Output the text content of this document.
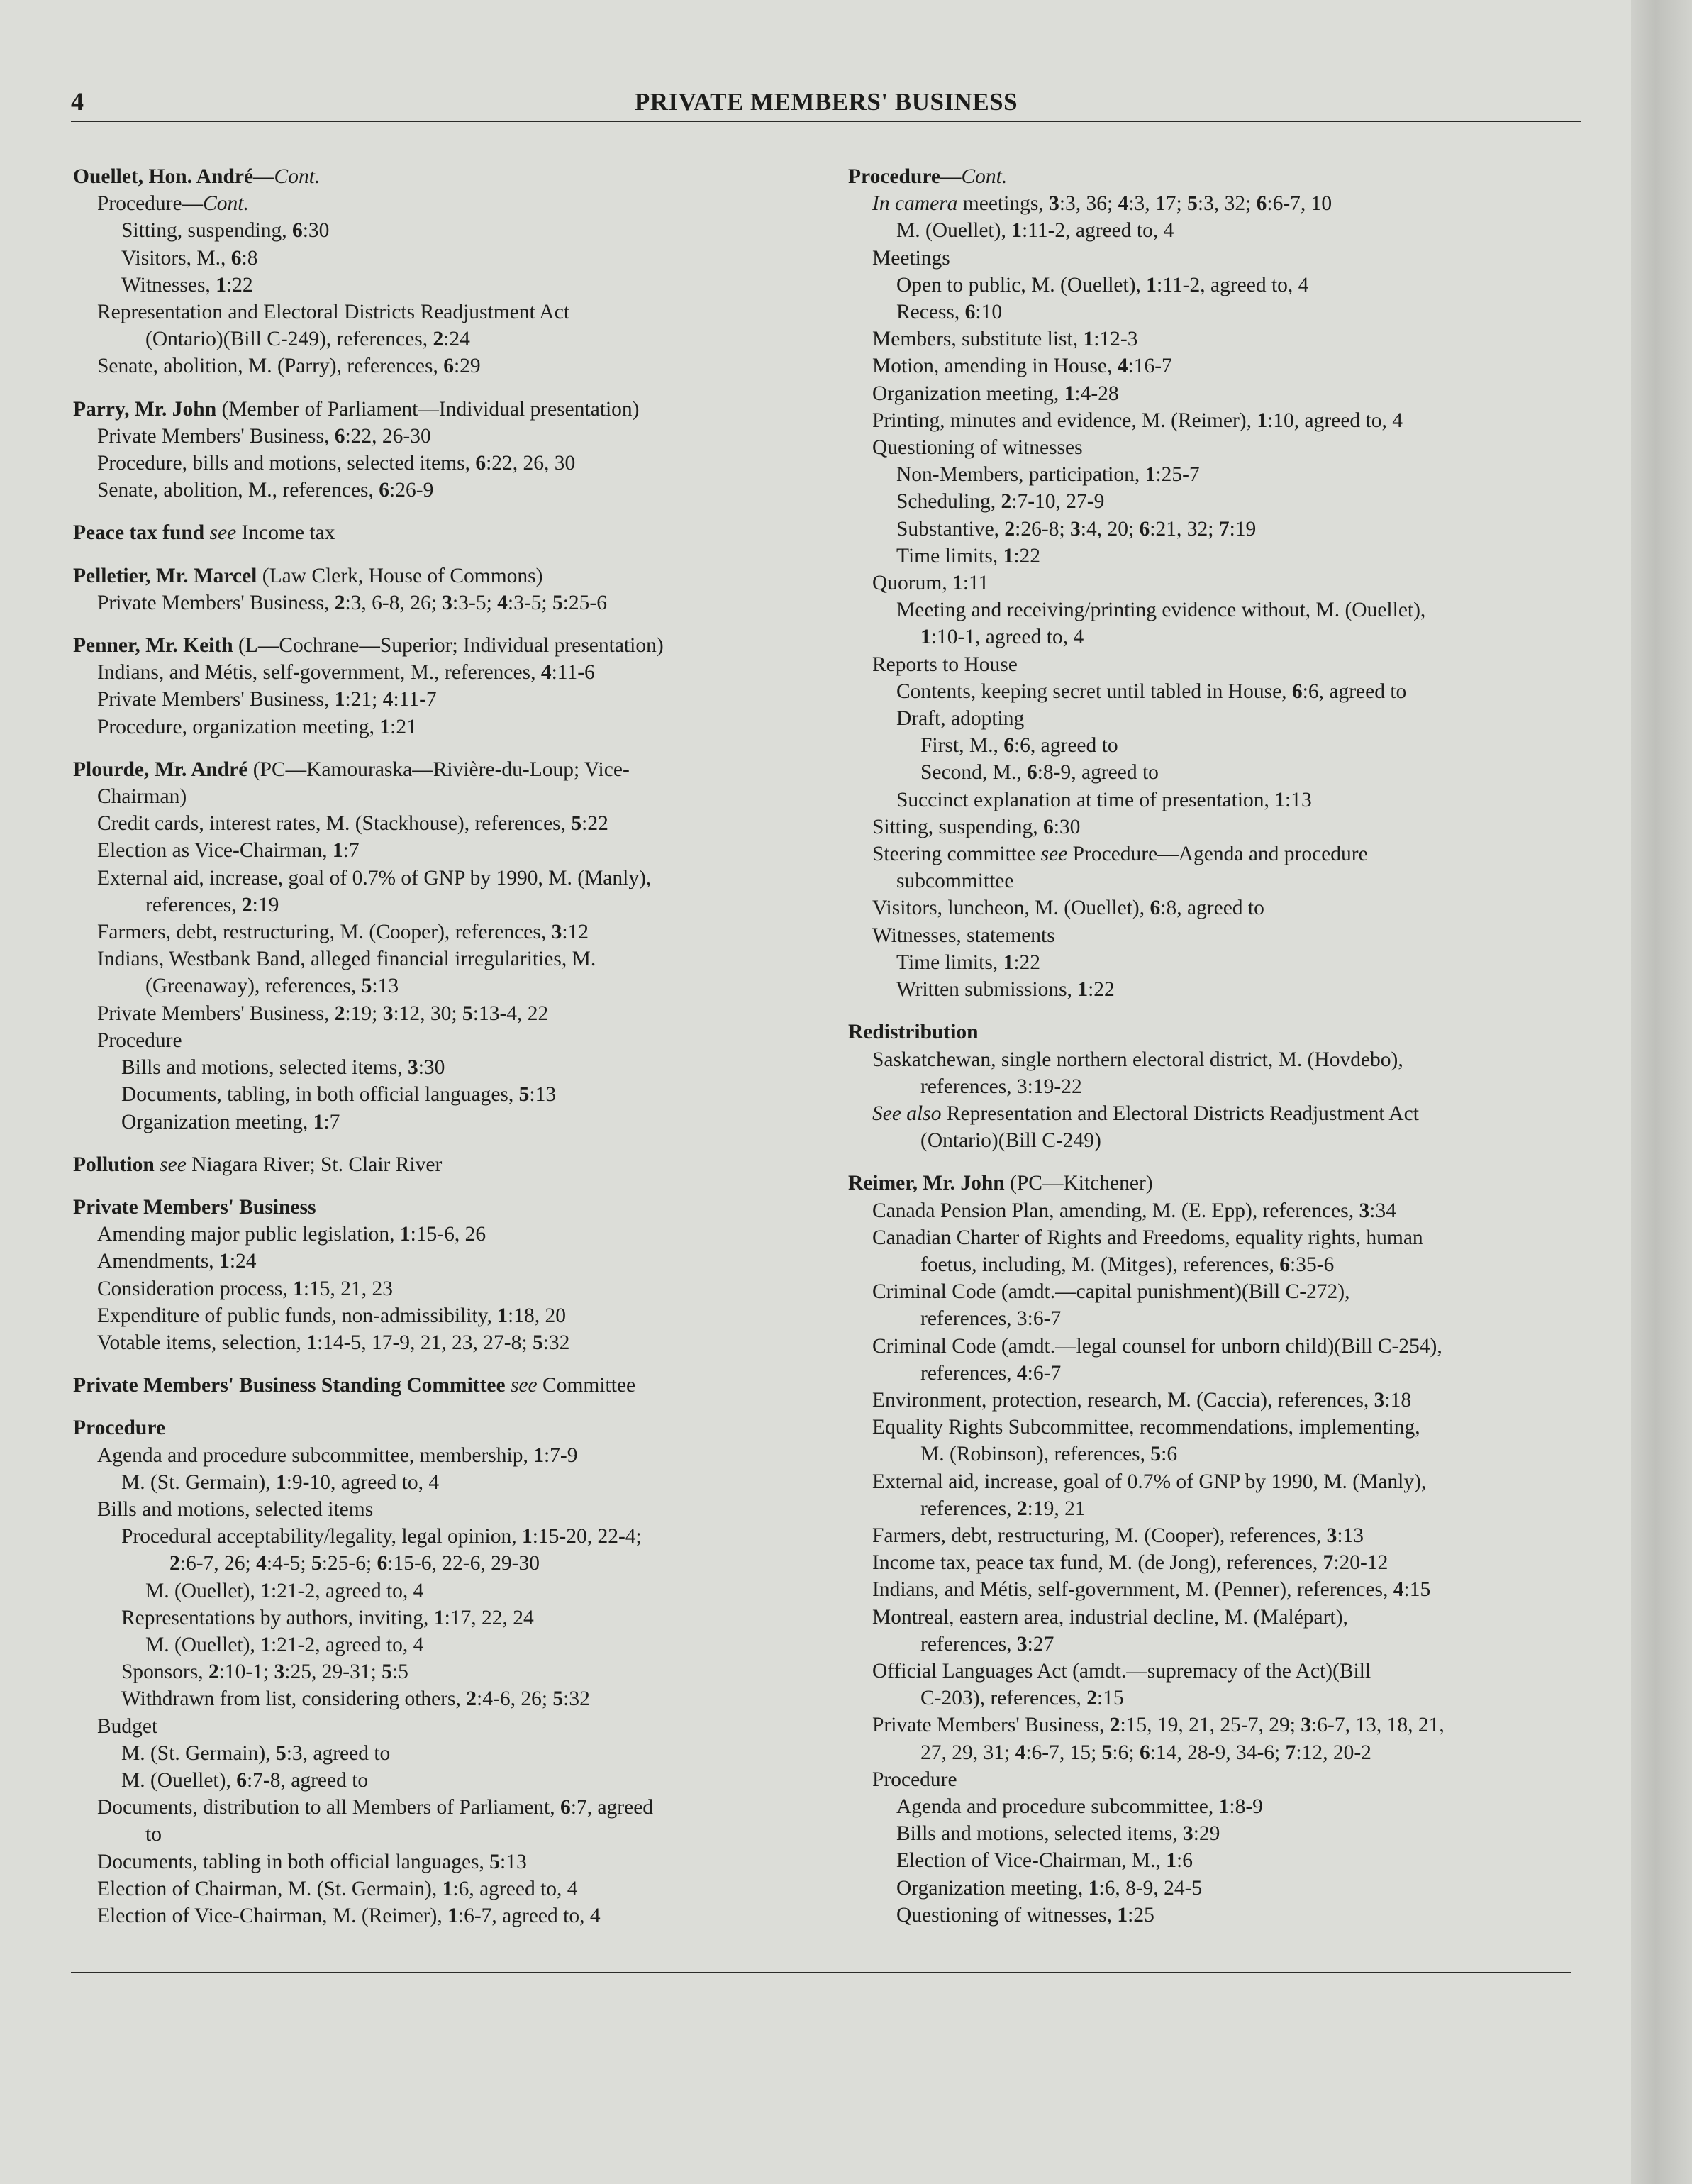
4	PRIVATE MEMBERS' BUSINESS
Ouellet, Hon. André—Cont.
Procedure—Cont.
Sitting, suspending, 6:30
Visitors, M., 6:8
Witnesses, 1:22
Representation and Electoral Districts Readjustment Act
(Ontario)(Bill C-249), references, 2:24
Senate, abolition, M. (Parry), references, 6:29
Parry, Mr. John (Member of Parliament—Individual presentation)
Private Members' Business, 6:22, 26-30
Procedure, bills and motions, selected items, 6:22, 26, 30
Senate, abolition, M., references, 6:26-9
Peace tax fund see Income tax
Pelletier, Mr. Marcel (Law Clerk, House of Commons)
Private Members' Business, 2:3, 6-8, 26; 3:3-5; 4:3-5; 5:25-6
Penner, Mr. Keith (L—Cochrane—Superior; Individual presentation)
Indians, and Métis, self-government, M., references, 4:11-6
Private Members' Business, 1:21; 4:11-7
Procedure, organization meeting, 1:21
Plourde, Mr. André (PC—Kamouraska—Rivière-du-Loup; Vice-
Chairman)
Credit cards, interest rates, M. (Stackhouse), references, 5:22
Election as Vice-Chairman, 1:7
External aid, increase, goal of 0.7% of GNP by 1990, M. (Manly),
references, 2:19
Farmers, debt, restructuring, M. (Cooper), references, 3:12
Indians, Westbank Band, alleged financial irregularities, M.
(Greenaway), references, 5:13
Private Members' Business, 2:19; 3:12, 30; 5:13-4, 22
Procedure
Bills and motions, selected items, 3:30
Documents, tabling, in both official languages, 5:13
Organization meeting, 1:7
Pollution see Niagara River; St. Clair River
Private Members' Business
Amending major public legislation, 1:15-6, 26
Amendments, 1:24
Consideration process, 1:15, 21, 23
Expenditure of public funds, non-admissibility, 1:18, 20
Votable items, selection, 1:14-5, 17-9, 21, 23, 27-8; 5:32
Private Members' Business Standing Committee see Committee
Procedure
Agenda and procedure subcommittee, membership, 1:7-9
M. (St. Germain), 1:9-10, agreed to, 4
Bills and motions, selected items
Procedural acceptability/legality, legal opinion, 1:15-20, 22-4;
2:6-7, 26; 4:4-5; 5:25-6; 6:15-6, 22-6, 29-30
M. (Ouellet), 1:21-2, agreed to, 4
Representations by authors, inviting, 1:17, 22, 24
M. (Ouellet), 1:21-2, agreed to, 4
Sponsors, 2:10-1; 3:25, 29-31; 5:5
Withdrawn from list, considering others, 2:4-6, 26; 5:32
Budget
M. (St. Germain), 5:3, agreed to
M. (Ouellet), 6:7-8, agreed to
Documents, distribution to all Members of Parliament, 6:7, agreed
to
Documents, tabling in both official languages, 5:13
Election of Chairman, M. (St. Germain), 1:6, agreed to, 4
Election of Vice-Chairman, M. (Reimer), 1:6-7, agreed to, 4
Procedure—Cont.
In camera meetings, 3:3, 36; 4:3, 17; 5:3, 32; 6:6-7, 10
M. (Ouellet), 1:11-2, agreed to, 4
Meetings
Open to public, M. (Ouellet), 1:11-2, agreed to, 4
Recess, 6:10
Members, substitute list, 1:12-3
Motion, amending in House, 4:16-7
Organization meeting, 1:4-28
Printing, minutes and evidence, M. (Reimer), 1:10, agreed to, 4
Questioning of witnesses
Non-Members, participation, 1:25-7
Scheduling, 2:7-10, 27-9
Substantive, 2:26-8; 3:4, 20; 6:21, 32; 7:19
Time limits, 1:22
Quorum, 1:11
Meeting and receiving/printing evidence without, M. (Ouellet),
1:10-1, agreed to, 4
Reports to House
Contents, keeping secret until tabled in House, 6:6, agreed to
Draft, adopting
First, M., 6:6, agreed to
Second, M., 6:8-9, agreed to
Succinct explanation at time of presentation, 1:13
Sitting, suspending, 6:30
Steering committee see Procedure—Agenda and procedure
subcommittee
Visitors, luncheon, M. (Ouellet), 6:8, agreed to
Witnesses, statements
Time limits, 1:22
Written submissions, 1:22
Redistribution
Saskatchewan, single northern electoral district, M. (Hovdebo),
references, 3:19-22
See also Representation and Electoral Districts Readjustment Act
(Ontario)(Bill C-249)
Reimer, Mr. John (PC—Kitchener)
Canada Pension Plan, amending, M. (E. Epp), references, 3:34
Canadian Charter of Rights and Freedoms, equality rights, human
foetus, including, M. (Mitges), references, 6:35-6
Criminal Code (amdt.—capital punishment)(Bill C-272),
references, 3:6-7
Criminal Code (amdt.—legal counsel for unborn child)(Bill C-254),
references, 4:6-7
Environment, protection, research, M. (Caccia), references, 3:18
Equality Rights Subcommittee, recommendations, implementing,
M. (Robinson), references, 5:6
External aid, increase, goal of 0.7% of GNP by 1990, M. (Manly),
references, 2:19, 21
Farmers, debt, restructuring, M. (Cooper), references, 3:13
Income tax, peace tax fund, M. (de Jong), references, 7:20-12
Indians, and Métis, self-government, M. (Penner), references, 4:15
Montreal, eastern area, industrial decline, M. (Malépart),
references, 3:27
Official Languages Act (amdt.—supremacy of the Act)(Bill
C-203), references, 2:15
Private Members' Business, 2:15, 19, 21, 25-7, 29; 3:6-7, 13, 18, 21,
27, 29, 31; 4:6-7, 15; 5:6; 6:14, 28-9, 34-6; 7:12, 20-2
Procedure
Agenda and procedure subcommittee, 1:8-9
Bills and motions, selected items, 3:29
Election of Vice-Chairman, M., 1:6
Organization meeting, 1:6, 8-9, 24-5
Questioning of witnesses, 1:25
